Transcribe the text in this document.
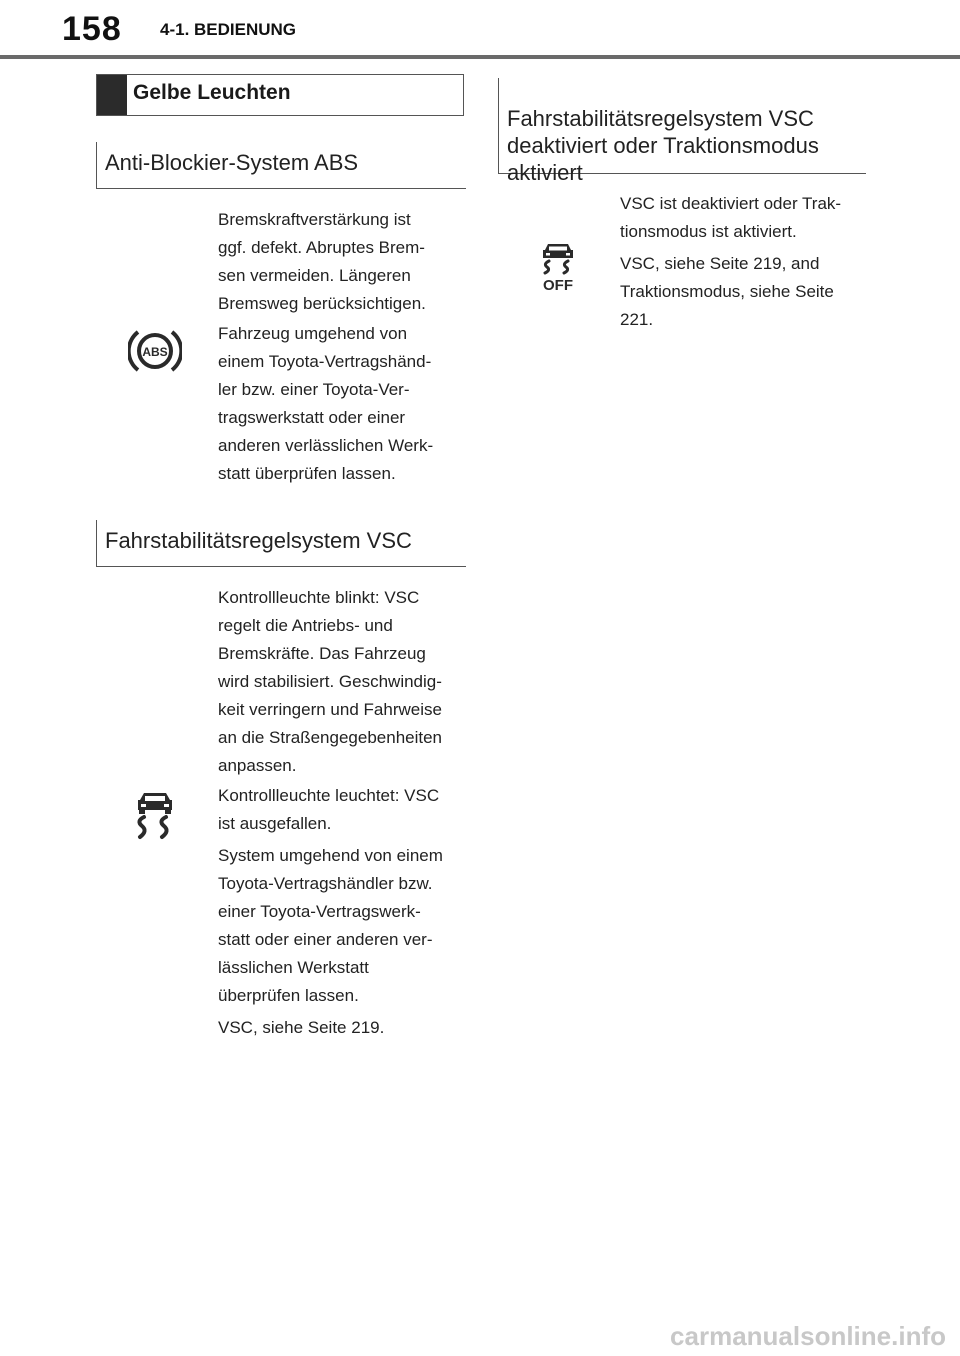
158 4-1. BEDIENUNG
Gelbe Leuchten
Anti-Blockier-System ABS
ABS
Bremskraftverstärkung ist
ggf. defekt. Abruptes Brem-
sen vermeiden. Längeren
Bremsweg berücksichtigen.
Fahrzeug umgehend von
einem Toyota-Vertragshänd-
ler bzw. einer Toyota-Ver-
tragswerkstatt oder einer
anderen verlässlichen Werk-
statt überprüfen lassen.
Fahrstabilitätsregelsystem VSC
Kontrollleuchte blinkt: VSC
regelt die Antriebs- und
Bremskräfte. Das Fahrzeug
wird stabilisiert. Geschwindig-
keit verringern und Fahrweise
an die Straßengegebenheiten
anpassen.
Kontrollleuchte leuchtet: VSC
ist ausgefallen.
System umgehend von einem
Toyota-Vertragshändler bzw.
einer Toyota-Vertragswerk-
statt oder einer anderen ver-
lässlichen Werkstatt
überprüfen lassen.
VSC, siehe Seite 219.

Fahrstabilitätsregelsystem VSC
deaktiviert oder Traktionsmodus
aktiviert

OFF
VSC ist deaktiviert oder Trak-
tionsmodus ist aktiviert.
VSC, siehe Seite 219, and
Traktionsmodus, siehe Seite
221.
carmanualsonline.info
